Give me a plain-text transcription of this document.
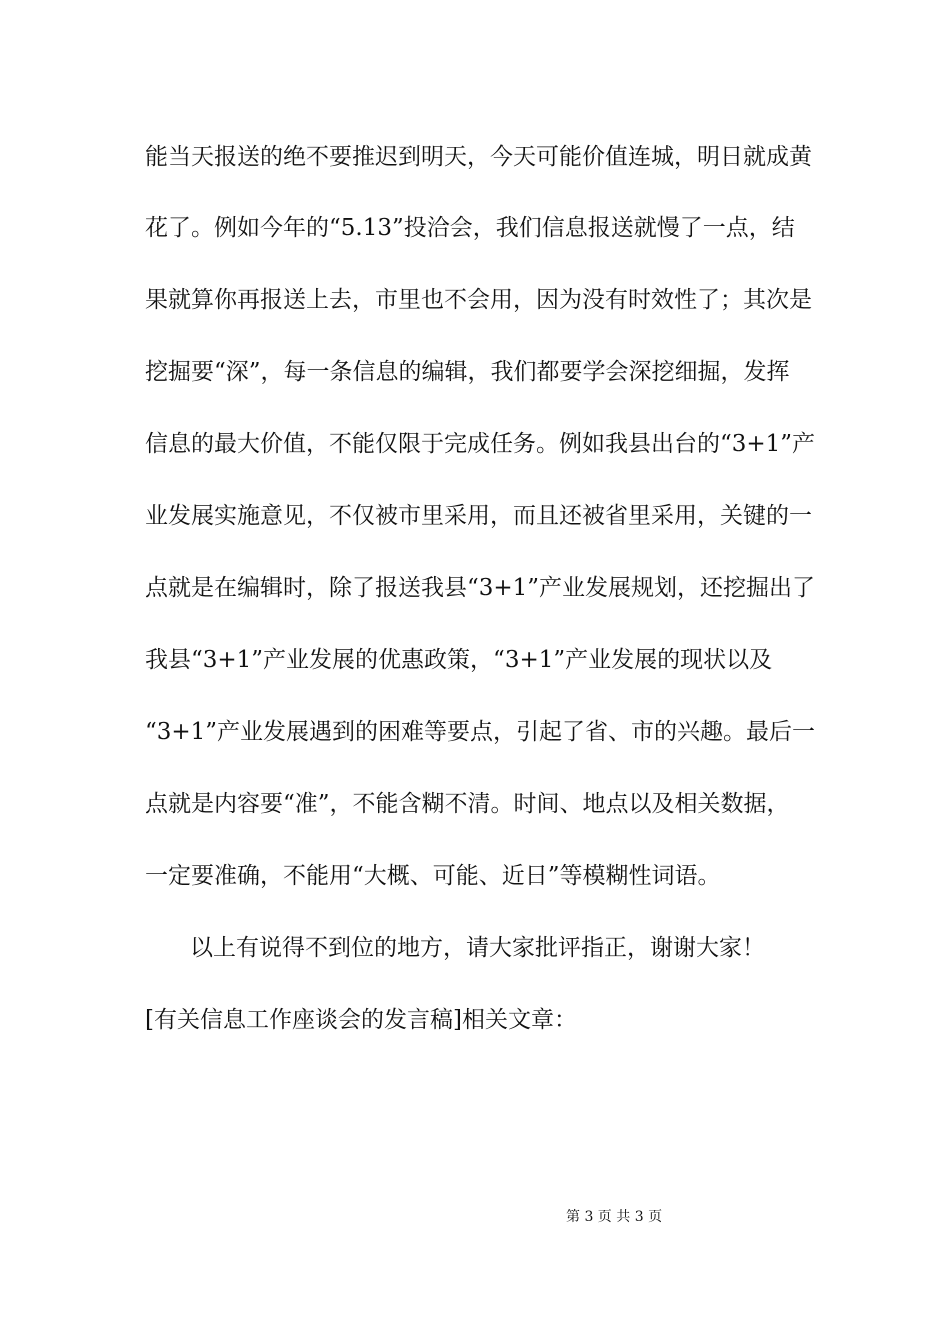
能当天报送的绝不要推迟到明天，今天可能价值连城，明日就成黄
花了。例如今年的“5.13”投洽会，我们信息报送就慢了一点，结
果就算你再报送上去，市里也不会用，因为没有时效性了；其次是
挖掘要“深”，每一条信息的编辑，我们都要学会深挖细掘，发挥
信息的最大价值，不能仅限于完成任务。例如我县出台的“3+1”产
业发展实施意见，不仅被市里采用，而且还被省里采用，关键的一
点就是在编辑时，除了报送我县“3+1”产业发展规划，还挖掘出了
我县“3+1”产业发展的优惠政策，“3+1”产业发展的现状以及
“3+1”产业发展遇到的困难等要点，引起了省、市的兴趣。最后一
点就是内容要“准”，不能含糊不清。时间、地点以及相关数据，
一定要准确，不能用“大概、可能、近日”等模糊性词语。
以上有说得不到位的地方，请大家批评指正，谢谢大家！
[有关信息工作座谈会的发言稿]相关文章：
第 3 页 共 3 页
